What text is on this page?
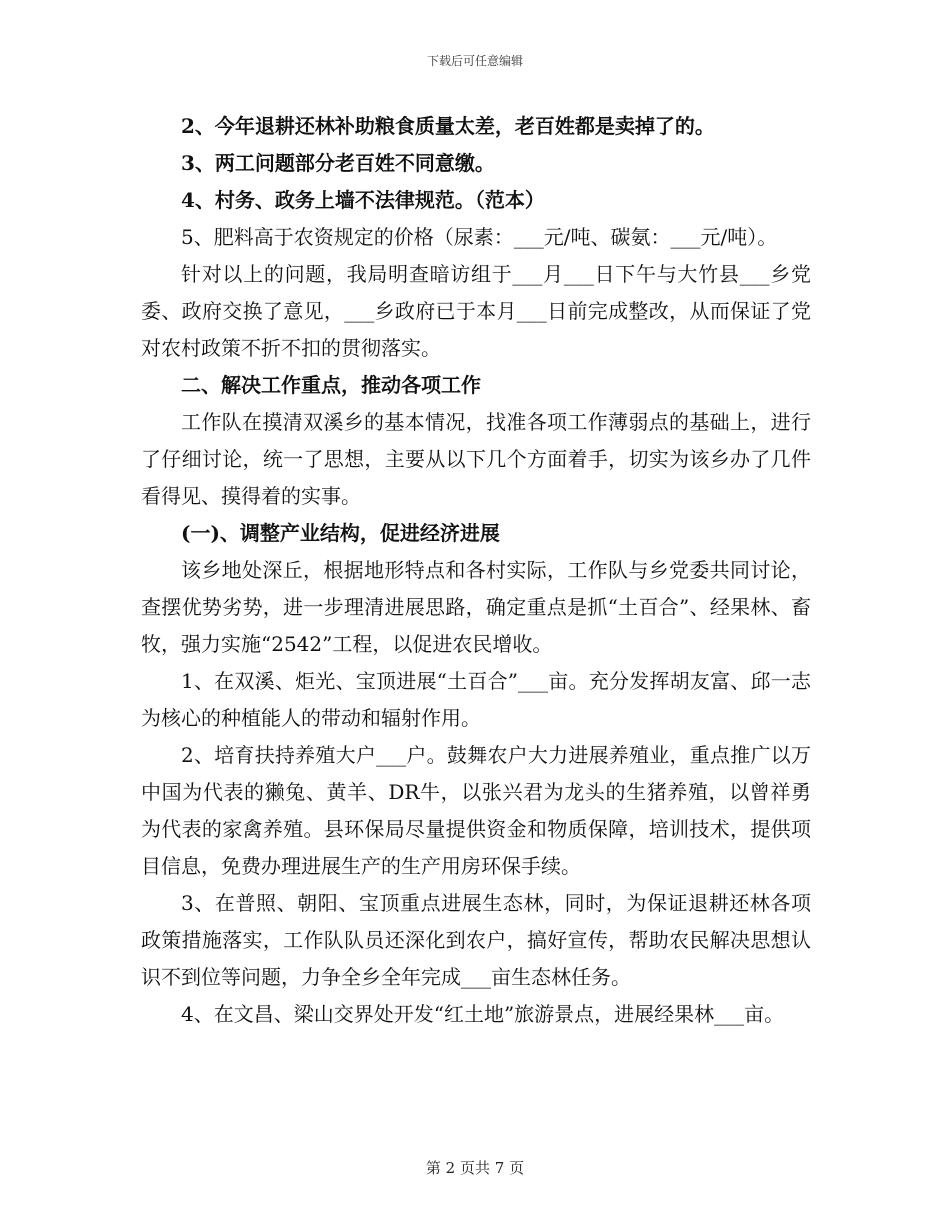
下载后可任意编辑

2、今年退耕还林补助粮食质量太差，老百姓都是卖掉了的。

3、两工问题部分老百姓不同意缴。

4、村务、政务上墙不法律规范。（范本）

5、肥料高于农资规定的价格（尿素：___元/吨、碳氨：___元/吨）。

针对以上的问题，我局明查暗访组于___月___日下午与大竹县___乡党委、政府交换了意见，___乡政府已于本月___日前完成整改，从而保证了党对农村政策不折不扣的贯彻落实。

二、解决工作重点，推动各项工作

工作队在摸清双溪乡的基本情况，找准各项工作薄弱点的基础上，进行了仔细讨论，统一了思想，主要从以下几个方面着手，切实为该乡办了几件看得见、摸得着的实事。

(一)、调整产业结构，促进经济进展

该乡地处深丘，根据地形特点和各村实际，工作队与乡党委共同讨论，查摆优势劣势，进一步理清进展思路，确定重点是抓“土百合”、经果林、畜牧，强力实施“2542”工程，以促进农民增收。

1、在双溪、炬光、宝顶进展“土百合”___亩。充分发挥胡友富、邱一志为核心的种植能人的带动和辐射作用。

2、培育扶持养殖大户___户。鼓舞农户大力进展养殖业，重点推广以万中国为代表的獭兔、黄羊、DR牛，以张兴君为龙头的生猪养殖，以曾祥勇为代表的家禽养殖。县环保局尽量提供资金和物质保障，培训技术，提供项目信息，免费办理进展生产的生产用房环保手续。

3、在普照、朝阳、宝顶重点进展生态林，同时，为保证退耕还林各项政策措施落实，工作队队员还深化到农户，搞好宣传，帮助农民解决思想认识不到位等问题，力争全乡全年完成___亩生态林任务。

4、在文昌、梁山交界处开发“红土地”旅游景点，进展经果林___亩。

第 2 页共 7 页
